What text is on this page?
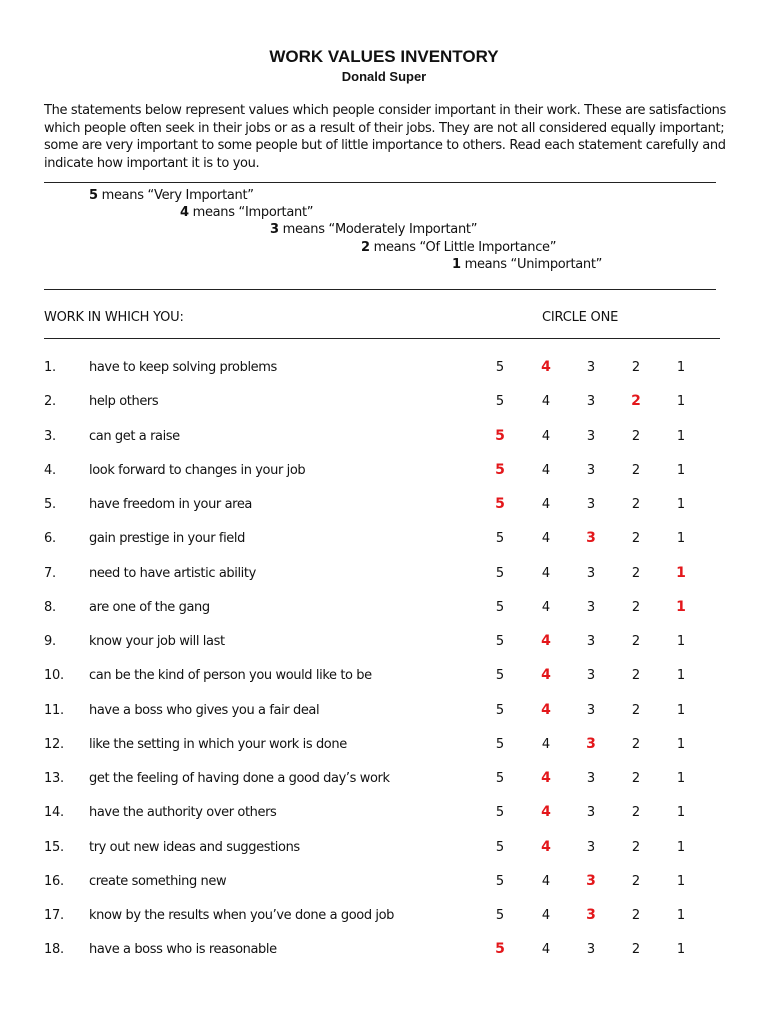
WORK VALUES INVENTORY
Donald Super

The statements below represent values which people consider important in their work. These are satisfactions which people often seek in their jobs or as a result of their jobs. They are not all considered equally important; some are very important to some people but of little importance to others. Read each statement carefully and indicate how important it is to you.

5 means “Very Important”
4 means “Important”
3 means “Moderately Important”
2 means “Of Little Importance”
1 means “Unimportant”
WORK IN WHICH YOU:	CIRCLE ONE
1.	have to keep solving problems	5	4	3	2	1
2.	help others	5	4	3	2	1
3.	can get a raise	5	4	3	2	1
4.	look forward to changes in your job	5	4	3	2	1
5.	have freedom in your area	5	4	3	2	1
6.	gain prestige in your field	5	4	3	2	1
7.	need to have artistic ability	5	4	3	2	1
8.	are one of the gang	5	4	3	2	1
9.	know your job will last	5	4	3	2	1
10. can be the kind of person you would like to be	5	4	3	2	1
11. have a boss who gives you a fair deal	5	4	3	2	1
12. like the setting in which your work is done	5	4	3	2	1
13. get the feeling of having done a good day’s work	5	4	3	2	1
14. have the authority over others	5	4	3	2	1
15. try out new ideas and suggestions	5	4	3	2	1
16. create something new	5	4	3	2	1
17. know by the results when you’ve done a good job	5	4	3	2	1
18. have a boss who is reasonable	5	4	3	2	1
